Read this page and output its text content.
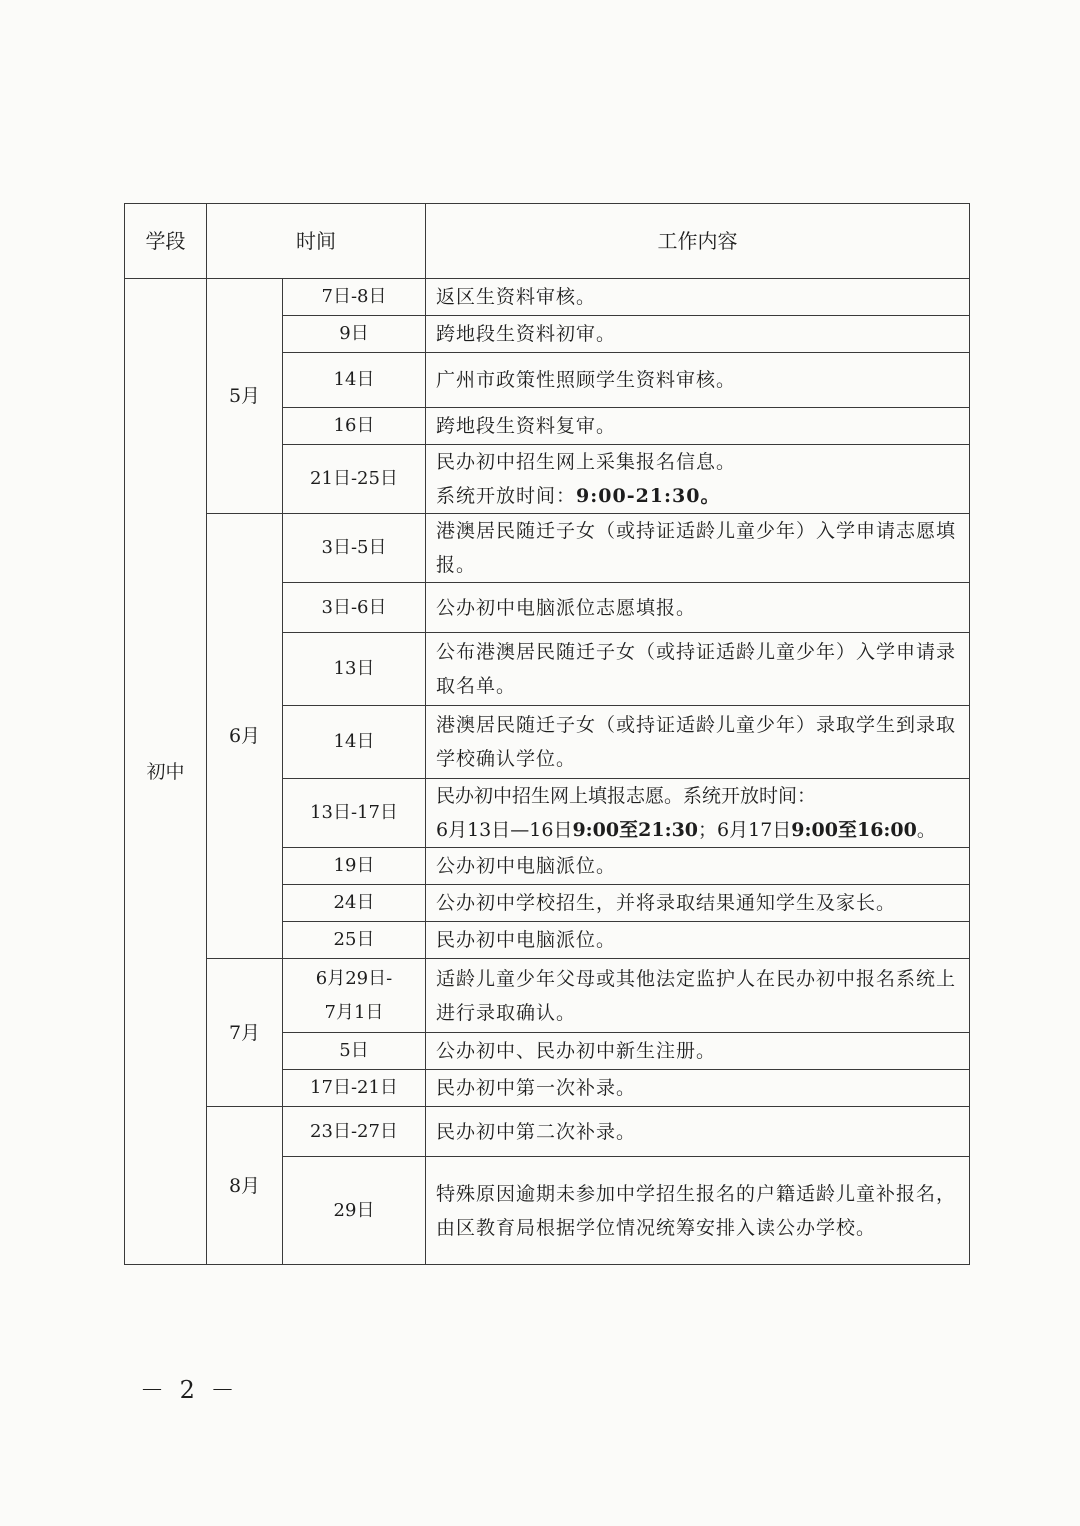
学段	时间		工作内容
初中	5月	7日-8日	返区生资料审核。
		9日	跨地段生资料初审。
		14日	广州市政策性照顾学生资料审核。
		16日	跨地段生资料复审。
		21日-25日	民办初中招生网上采集报名信息。
系统开放时间：9:00-21:30。

	6月	3日-5日	港澳居民随迁子女（或持证适龄儿童少年）入学申请志愿填报。
		3日-6日	公办初中电脑派位志愿填报。
		13日	公布港澳居民随迁子女（或持证适龄儿童少年）入学申请录取名单。
		14日	港澳居民随迁子女（或持证适龄儿童少年）录取学生到录取学校确认学位。
		13日-17日	民办初中招生网上填报志愿。系统开放时间：
6月13日—16日9:00至21:30；6月17日9:00至16:00。

		19日	公办初中电脑派位。
		24日	公办初中学校招生，并将录取结果通知学生及家长。
		25日	民办初中电脑派位。
	7月	6月29日-
7月1日	适龄儿童少年父母或其他法定监护人在民办初中报名系统上进行录取确认。
		5日	公办初中、民办初中新生注册。
		17日-21日	民办初中第一次补录。
	8月	23日-27日	民办初中第二次补录。
		29日	特殊原因逾期未参加中学招生报名的户籍适龄儿童补报名，由区教育局根据学位情况统筹安排入读公办学校。
－ 2 －
